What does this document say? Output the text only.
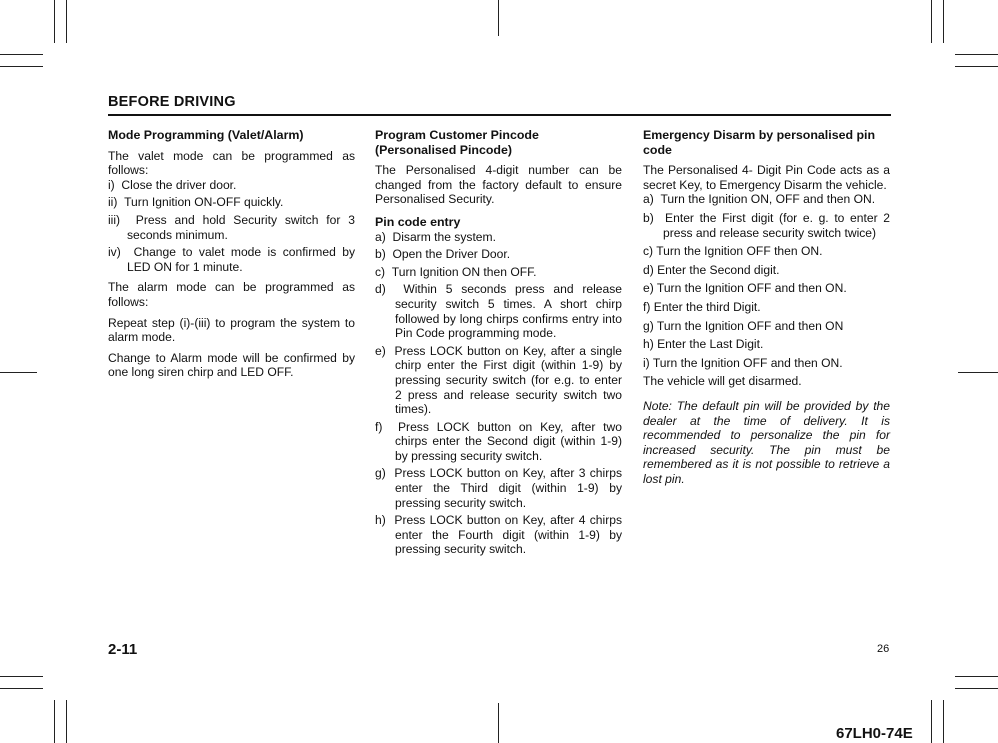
BEFORE DRIVING
Mode Programming (Valet/Alarm)

The valet mode can be programmed as follows:

i)  Close the driver door.
ii)  Turn Ignition ON-OFF quickly.
iii)  Press and hold Security switch for 3 seconds minimum.
iv)  Change to valet mode is confirmed by LED ON for 1 minute.

The alarm mode can be programmed as follows:

Repeat step (i)-(iii) to program the system to alarm mode.

Change to Alarm mode will be confirmed by one long siren chirp and LED OFF.

Program Customer Pincode (Personalised Pincode)

The Personalised 4-digit number can be changed from the factory default to ensure Personalised Security.

Pin code entry
a)  Disarm the system.
b)  Open the Driver Door.
c)  Turn Ignition ON then OFF.
d)  Within 5 seconds press and release security switch 5 times. A short chirp followed by long chirps confirms entry into Pin Code programming mode.
e)  Press LOCK button on Key, after a single chirp enter the First digit (within 1-9) by pressing security switch (for e.g. to enter 2 press and release security switch two times).
f)  Press LOCK button on Key, after two chirps enter the Second digit (within 1-9) by pressing security switch.
g)  Press LOCK button on Key, after 3 chirps enter the Third digit (within 1-9) by pressing security switch.
h)  Press LOCK button on Key, after 4 chirps enter the Fourth digit (within 1-9) by pressing security switch.
Emergency Disarm by personalised pin code

The Personalised 4- Digit Pin Code acts as a secret Key, to Emergency Disarm the vehicle.

a)  Turn the Ignition ON, OFF and then ON.
b)  Enter the First digit (for e. g. to enter 2 press and release security switch twice)
c) Turn the Ignition OFF then ON.
d) Enter the Second digit.
e) Turn the Ignition OFF and then ON.
f) Enter the third Digit.
g) Turn the Ignition OFF and then ON
h) Enter the Last Digit.
i) Turn the Ignition OFF and then ON.
The vehicle will get disarmed.

Note: The default pin will be provided by the dealer at the time of delivery. It is recommended to personalize the pin for increased security. The pin must be remembered as it is not possible to retrieve a lost pin.

2-11	26
67LH0-74E
